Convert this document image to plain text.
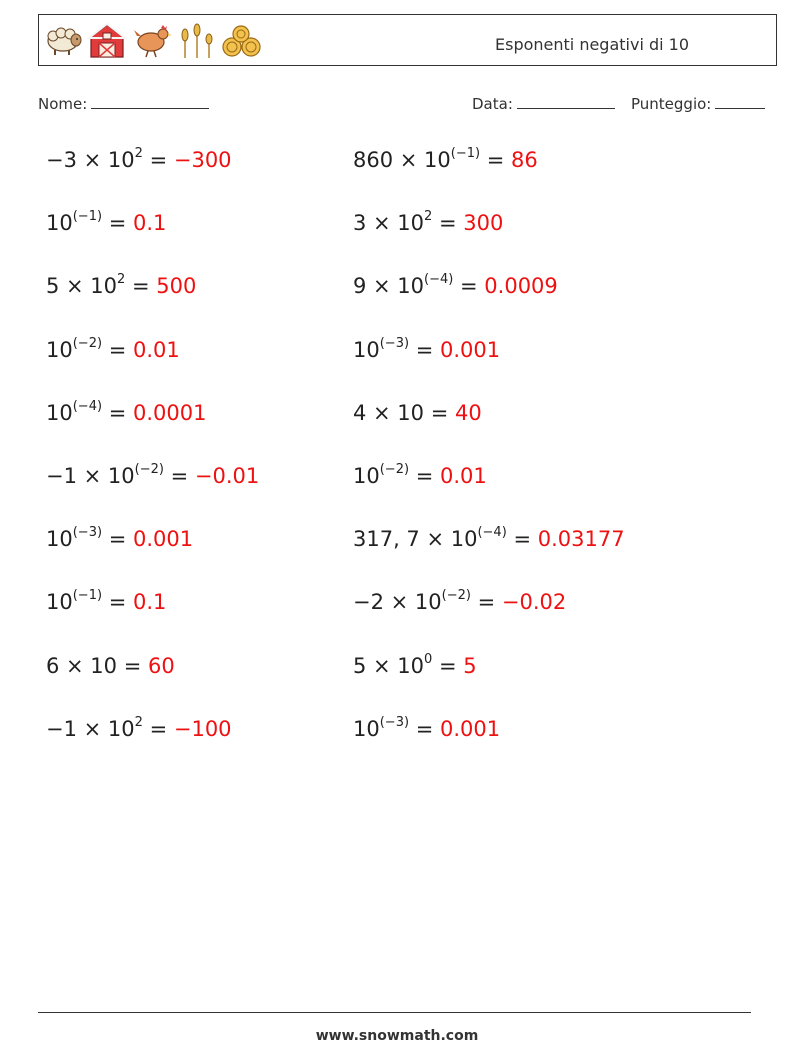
Esponenti negativi di 10
Nome:	Data:	Punteggio:
$-3 \times 10^2 = -300$	$860 \times 10^{(-1)} = 86$
$10^{(-1)} = 0.1$	$3 \times 10^2 = 300$
$5 \times 10^2 = 500$	$9 \times 10^{(-4)} = 0.0009$
$10^{(-2)} = 0.01$	$10^{(-3)} = 0.001$
$10^{(-4)} = 0.0001$	4 × 10 = 40
$-1 \times 10^{(-2)} = -0.01$	$10^{(-2)} = 0.01$
$10^{(-3)} = 0.001$	317, $7 \times 10^{(-4)} = 0.03177$
$10^{(-1)} = 0.1$	$-2 \times 10^{(-2)} = -0.02$
6 × 10 = 60	$5 \times 10^0 = 5$
$-1 \times 10^2 = -100$	$10^{(-3)} = 0.001$
www.snowmath.com
